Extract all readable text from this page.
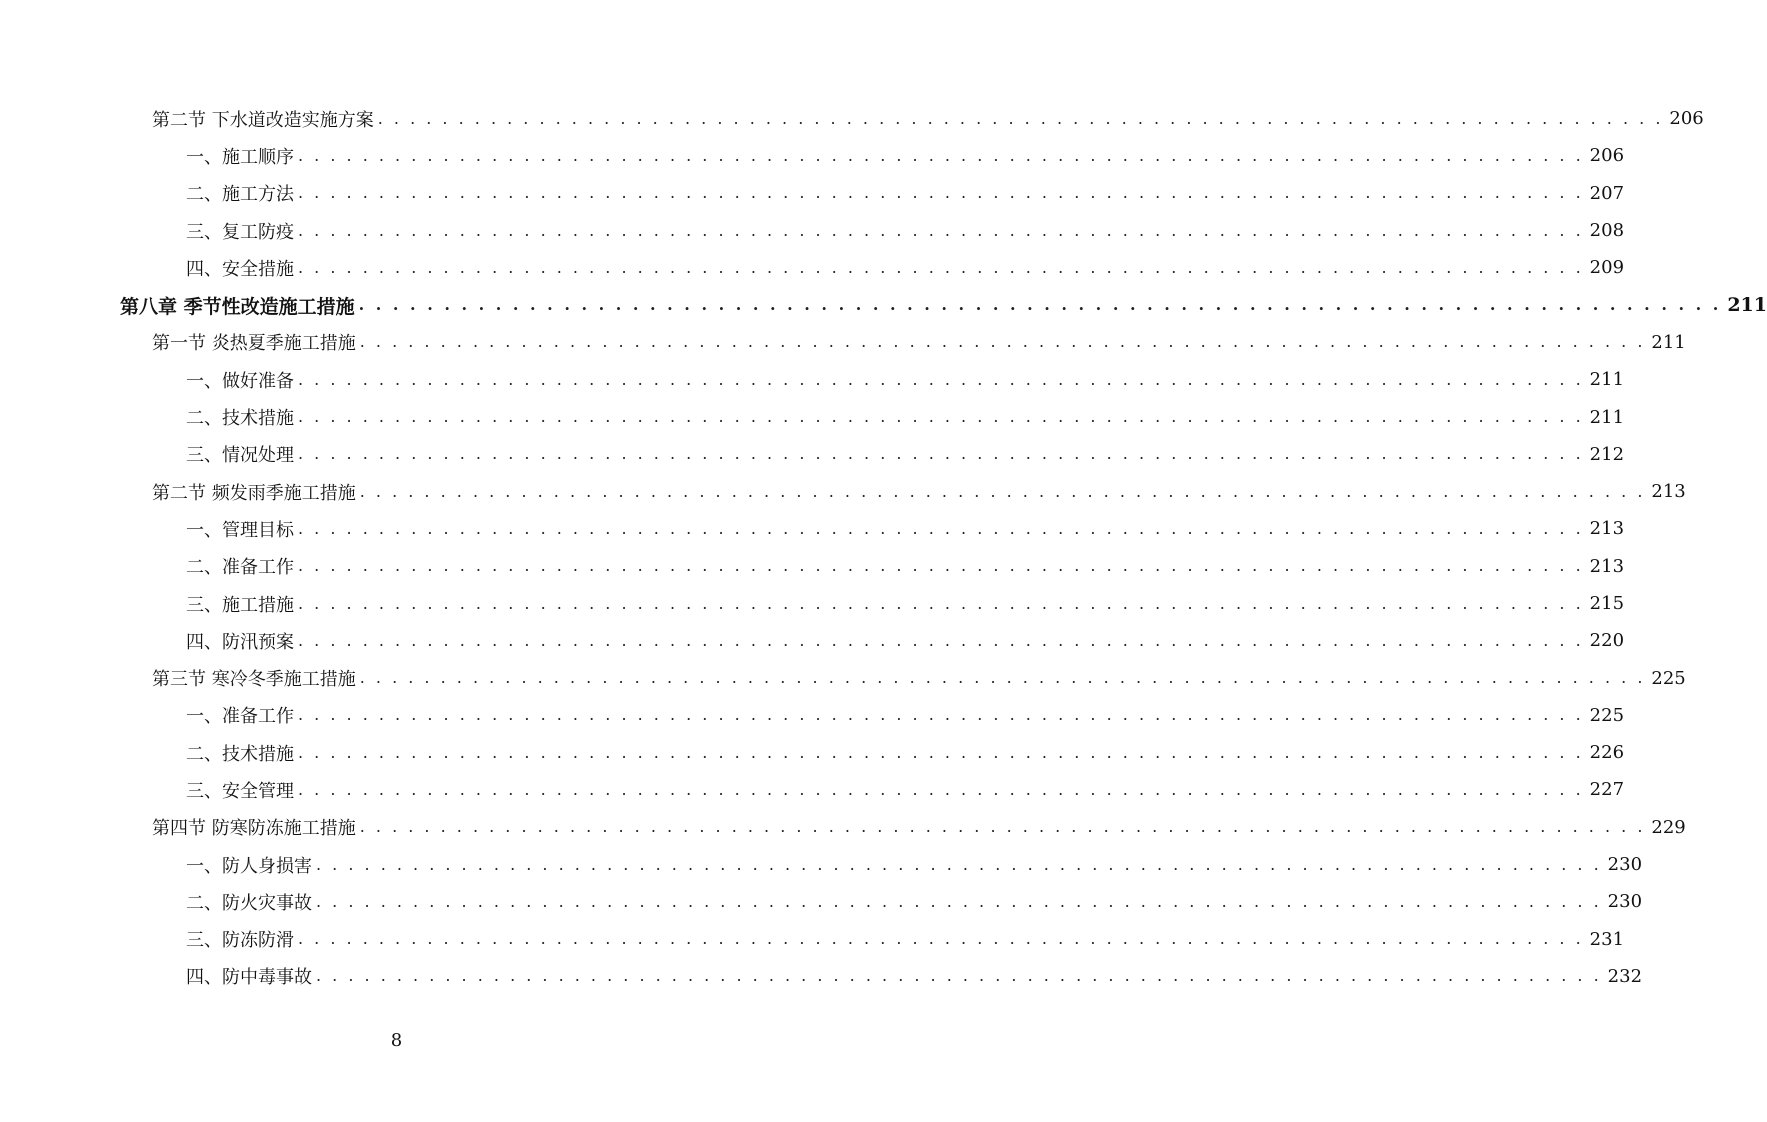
第二节 下水道改造实施方案 . . . . . . . . . . . . . . . . . . . . . . . . . . . . . . . . . . . . . . . . . . . . . . . . . . . . . . . . . . . . . . . . . . . . . . . . . . . . . . . . 206
一、施工顺序 . . . . . . . . . . . . . . . . . . . . . . . . . . . . . . . . . . . . . . . . . . . . . . . . . . . . . . . . . . . . . . . . . . . . . . . . . . . . . . . . 206
二、施工方法 . . . . . . . . . . . . . . . . . . . . . . . . . . . . . . . . . . . . . . . . . . . . . . . . . . . . . . . . . . . . . . . . . . . . . . . . . . . . . . . . 207
三、复工防疫 . . . . . . . . . . . . . . . . . . . . . . . . . . . . . . . . . . . . . . . . . . . . . . . . . . . . . . . . . . . . . . . . . . . . . . . . . . . . . . . . 208
四、安全措施 . . . . . . . . . . . . . . . . . . . . . . . . . . . . . . . . . . . . . . . . . . . . . . . . . . . . . . . . . . . . . . . . . . . . . . . . . . . . . . . . 209
第八章 季节性改造施工措施 . . . . . . . . . . . . . . . . . . . . . . . . . . . . . . . . . . . . . . . . . . . . . . . . . . . . . . . . . . . . . . . . . . . . . . . . . . . . . . . . 211
第一节 炎热夏季施工措施 . . . . . . . . . . . . . . . . . . . . . . . . . . . . . . . . . . . . . . . . . . . . . . . . . . . . . . . . . . . . . . . . . . . . . . . . . . . . . . . . 211
一、做好准备 . . . . . . . . . . . . . . . . . . . . . . . . . . . . . . . . . . . . . . . . . . . . . . . . . . . . . . . . . . . . . . . . . . . . . . . . . . . . . . . . 211
二、技术措施 . . . . . . . . . . . . . . . . . . . . . . . . . . . . . . . . . . . . . . . . . . . . . . . . . . . . . . . . . . . . . . . . . . . . . . . . . . . . . . . . 211
三、情况处理 . . . . . . . . . . . . . . . . . . . . . . . . . . . . . . . . . . . . . . . . . . . . . . . . . . . . . . . . . . . . . . . . . . . . . . . . . . . . . . . . 212
第二节 频发雨季施工措施 . . . . . . . . . . . . . . . . . . . . . . . . . . . . . . . . . . . . . . . . . . . . . . . . . . . . . . . . . . . . . . . . . . . . . . . . . . . . . . . . 213
一、管理目标 . . . . . . . . . . . . . . . . . . . . . . . . . . . . . . . . . . . . . . . . . . . . . . . . . . . . . . . . . . . . . . . . . . . . . . . . . . . . . . . . 213
二、准备工作 . . . . . . . . . . . . . . . . . . . . . . . . . . . . . . . . . . . . . . . . . . . . . . . . . . . . . . . . . . . . . . . . . . . . . . . . . . . . . . . . 213
三、施工措施 . . . . . . . . . . . . . . . . . . . . . . . . . . . . . . . . . . . . . . . . . . . . . . . . . . . . . . . . . . . . . . . . . . . . . . . . . . . . . . . . 215
四、防汛预案 . . . . . . . . . . . . . . . . . . . . . . . . . . . . . . . . . . . . . . . . . . . . . . . . . . . . . . . . . . . . . . . . . . . . . . . . . . . . . . . . 220
第三节 寒冷冬季施工措施 . . . . . . . . . . . . . . . . . . . . . . . . . . . . . . . . . . . . . . . . . . . . . . . . . . . . . . . . . . . . . . . . . . . . . . . . . . . . . . . . 225
一、准备工作 . . . . . . . . . . . . . . . . . . . . . . . . . . . . . . . . . . . . . . . . . . . . . . . . . . . . . . . . . . . . . . . . . . . . . . . . . . . . . . . . 225
二、技术措施 . . . . . . . . . . . . . . . . . . . . . . . . . . . . . . . . . . . . . . . . . . . . . . . . . . . . . . . . . . . . . . . . . . . . . . . . . . . . . . . . 226
三、安全管理 . . . . . . . . . . . . . . . . . . . . . . . . . . . . . . . . . . . . . . . . . . . . . . . . . . . . . . . . . . . . . . . . . . . . . . . . . . . . . . . . 227
第四节 防寒防冻施工措施 . . . . . . . . . . . . . . . . . . . . . . . . . . . . . . . . . . . . . . . . . . . . . . . . . . . . . . . . . . . . . . . . . . . . . . . . . . . . . . . . 229
一、防人身损害 . . . . . . . . . . . . . . . . . . . . . . . . . . . . . . . . . . . . . . . . . . . . . . . . . . . . . . . . . . . . . . . . . . . . . . . . . . . . . . . . 230
二、防火灾事故 . . . . . . . . . . . . . . . . . . . . . . . . . . . . . . . . . . . . . . . . . . . . . . . . . . . . . . . . . . . . . . . . . . . . . . . . . . . . . . . . 230
三、防冻防滑 . . . . . . . . . . . . . . . . . . . . . . . . . . . . . . . . . . . . . . . . . . . . . . . . . . . . . . . . . . . . . . . . . . . . . . . . . . . . . . . . 231
四、防中毒事故 . . . . . . . . . . . . . . . . . . . . . . . . . . . . . . . . . . . . . . . . . . . . . . . . . . . . . . . . . . . . . . . . . . . . . . . . . . . . . . . . 232
8
